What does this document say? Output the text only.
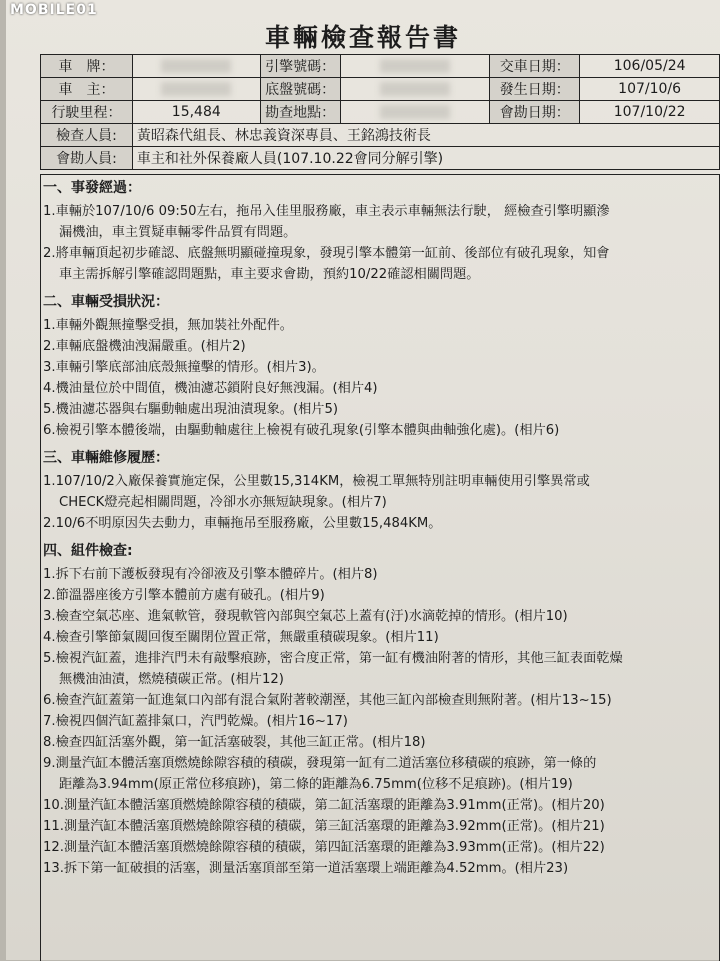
MOBILE01
車輛檢查報告書
車　牌：		引擎號碼：		交車日期：	106/05/24
車　主：		底盤號碼：		發生日期：	107/10/6
行駛里程：	15,484	勘查地點：		會勘日期：	107/10/22
檢查人員:	黃昭森代組長、林忠義資深專員、王銘鴻技術長				
會勘人員:	車主和社外保養廠人員(107.10.22會同分解引擎)				
一、事發經過：
1.車輛於107/10/6 09:50左右，拖吊入佳里服務廠，車主表示車輛無法行駛， 經檢查引擎明顯滲
漏機油，車主質疑車輛零件品質有問題。
2.將車輛頂起初步確認、底盤無明顯碰撞現象，發現引擎本體第一缸前、後部位有破孔現象，知會
車主需拆解引擎確認問題點，車主要求會勘，預約10/22確認相關問題。
二、車輛受損狀況：
1.車輛外觀無撞擊受損，無加裝社外配件。
2.車輛底盤機油洩漏嚴重。(相片2)
3.車輛引擎底部油底殼無撞擊的情形。(相片3)。
4.機油量位於中間值，機油濾芯鎖附良好無洩漏。(相片4)
5.機油濾芯器與右驅動軸處出現油漬現象。(相片5)
6.檢視引擎本體後端，由驅動軸處往上檢視有破孔現象(引擎本體與曲軸強化處)。(相片6)
三、車輛維修履歷：
1.107/10/2入廠保養實施定保，公里數15,314KM，檢視工單無特別註明車輛使用引擎異常或
CHECK燈亮起相關問題，冷卻水亦無短缺現象。(相片7)
2.10/6不明原因失去動力，車輛拖吊至服務廠，公里數15,484KM。
四、組件檢查:
1.拆下右前下護板發現有冷卻液及引擎本體碎片。(相片8)
2.節溫器座後方引擎本體前方處有破孔。(相片9)
3.檢查空氣芯座、進氣軟管，發現軟管內部與空氣芯上蓋有(汙)水滴乾掉的情形。(相片10)
4.檢查引擎節氣閥回復至關閉位置正常，無嚴重積碳現象。(相片11)
5.檢視汽缸蓋，進排汽門未有敲擊痕跡，密合度正常，第一缸有機油附著的情形，其他三缸表面乾燥
無機油油漬，燃燒積碳正常。(相片12)
6.檢查汽缸蓋第一缸進氣口內部有混合氣附著較潮溼，其他三缸內部檢查則無附著。(相片13~15)
7.檢視四個汽缸蓋排氣口，汽門乾燥。(相片16~17)
8.檢查四缸活塞外觀，第一缸活塞破裂，其他三缸正常。(相片18)
9.測量汽缸本體活塞頂燃燒餘隙容積的積碳，發現第一缸有二道活塞位移積碳的痕跡，第一條的
距離為3.94mm(原正常位移痕跡)，第二條的距離為6.75mm(位移不足痕跡)。(相片19)
10.測量汽缸本體活塞頂燃燒餘隙容積的積碳，第二缸活塞環的距離為3.91mm(正常)。(相片20)
11.測量汽缸本體活塞頂燃燒餘隙容積的積碳，第三缸活塞環的距離為3.92mm(正常)。(相片21)
12.測量汽缸本體活塞頂燃燒餘隙容積的積碳，第四缸活塞環的距離為3.93mm(正常)。(相片22)
13.拆下第一缸破損的活塞，測量活塞頂部至第一道活塞環上端距離為4.52mm。(相片23)
